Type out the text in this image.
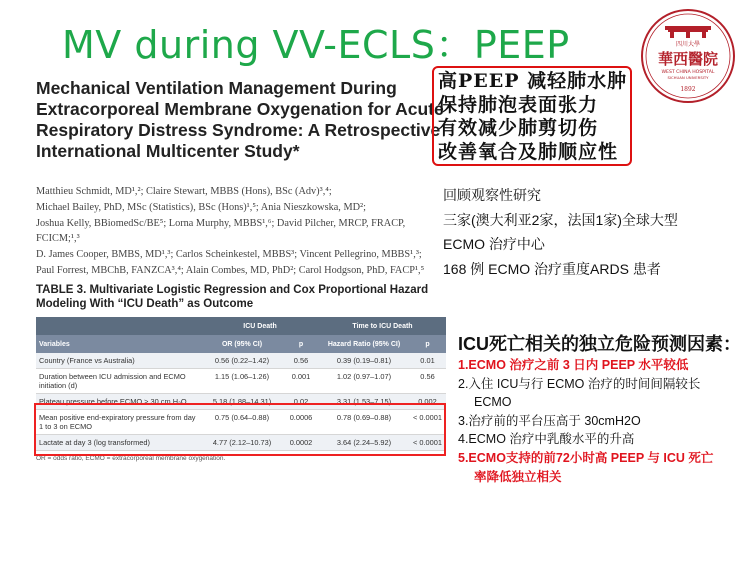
MV during VV-ECLS：PEEP	四川大學
華西醫院
WEST CHINA HOSPITAL
SICHUAN UNIVERSITY
1892
Mechanical Ventilation Management During Extracorporeal Membrane Oxygenation for Acute Respiratory Distress Syndrome: A Retrospective International Multicenter Study*
Matthieu Schmidt, MD¹,²; Claire Stewart, MBBS (Hons), BSc (Adv)³,⁴;
Michael Bailey, PhD, MSc (Statistics), BSc (Hons)¹,⁵; Ania Nieszkowska, MD²;
Joshua Kelly, BBiomedSc/BE⁵; Lorna Murphy, MBBS¹,⁶; David Pilcher, MRCP, FRACP, FCICM;¹,³
D. James Cooper, BMBS, MD¹,³; Carlos Scheinkestel, MBBS³; Vincent Pellegrino, MBBS¹,³;
Paul Forrest, MBChB, FANZCA³,⁴; Alain Combes, MD, PhD²; Carol Hodgson, PhD, FACP¹,⁵
高PEEP 减轻肺水肿
保持肺泡表面张力
有效减少肺剪切伤
改善氧合及肺顺应性
回顾观察性研究
三家(澳大利亚2家，法国1家)全球大型
ECMO 治疗中心
168 例 ECMO 治疗重度ARDS 患者
TABLE 3. Multivariate Logistic Regression and Cox Proportional Hazard Modeling With “ICU Death” as Outcome
	ICU Death		Time to ICU Death	
Variables	OR (95% CI)	p	Hazard Ratio (95% CI)	p
Country (France vs Australia)	0.56 (0.22–1.42)	0.56	0.39 (0.19–0.81)	0.01
Duration between ICU admission and ECMO initiation (d)	1.15 (1.06–1.26)	0.001	1.02 (0.97–1.07)	0.56
Plateau pressure before ECMO > 30 cm H₂O	5.18 (1.88–14.31)	0.02	3.31 (1.53–7.15)	0.002
Mean positive end-expiratory pressure from day 1 to 3 on ECMO	0.75 (0.64–0.88)	0.0006	0.78 (0.69–0.88)	< 0.0001
Lactate at day 3 (log transformed)	4.77 (2.12–10.73)	0.0002	3.64 (2.24–5.92)	< 0.0001
OR = odds ratio, ECMO = extracorporeal membrane oxygenation.
ICU死亡相关的独立危险预测因素：
1.ECMO 治疗之前 3 日内 PEEP 水平较低
2.入住 ICU与行 ECMO 治疗的时间间隔较长
ECMO
3.治疗前的平台压高于 30cmH2O
4.ECMO 治疗中乳酸水平的升高
5.ECMO支持的前72小时高 PEEP 与 ICU 死亡
率降低独立相关
